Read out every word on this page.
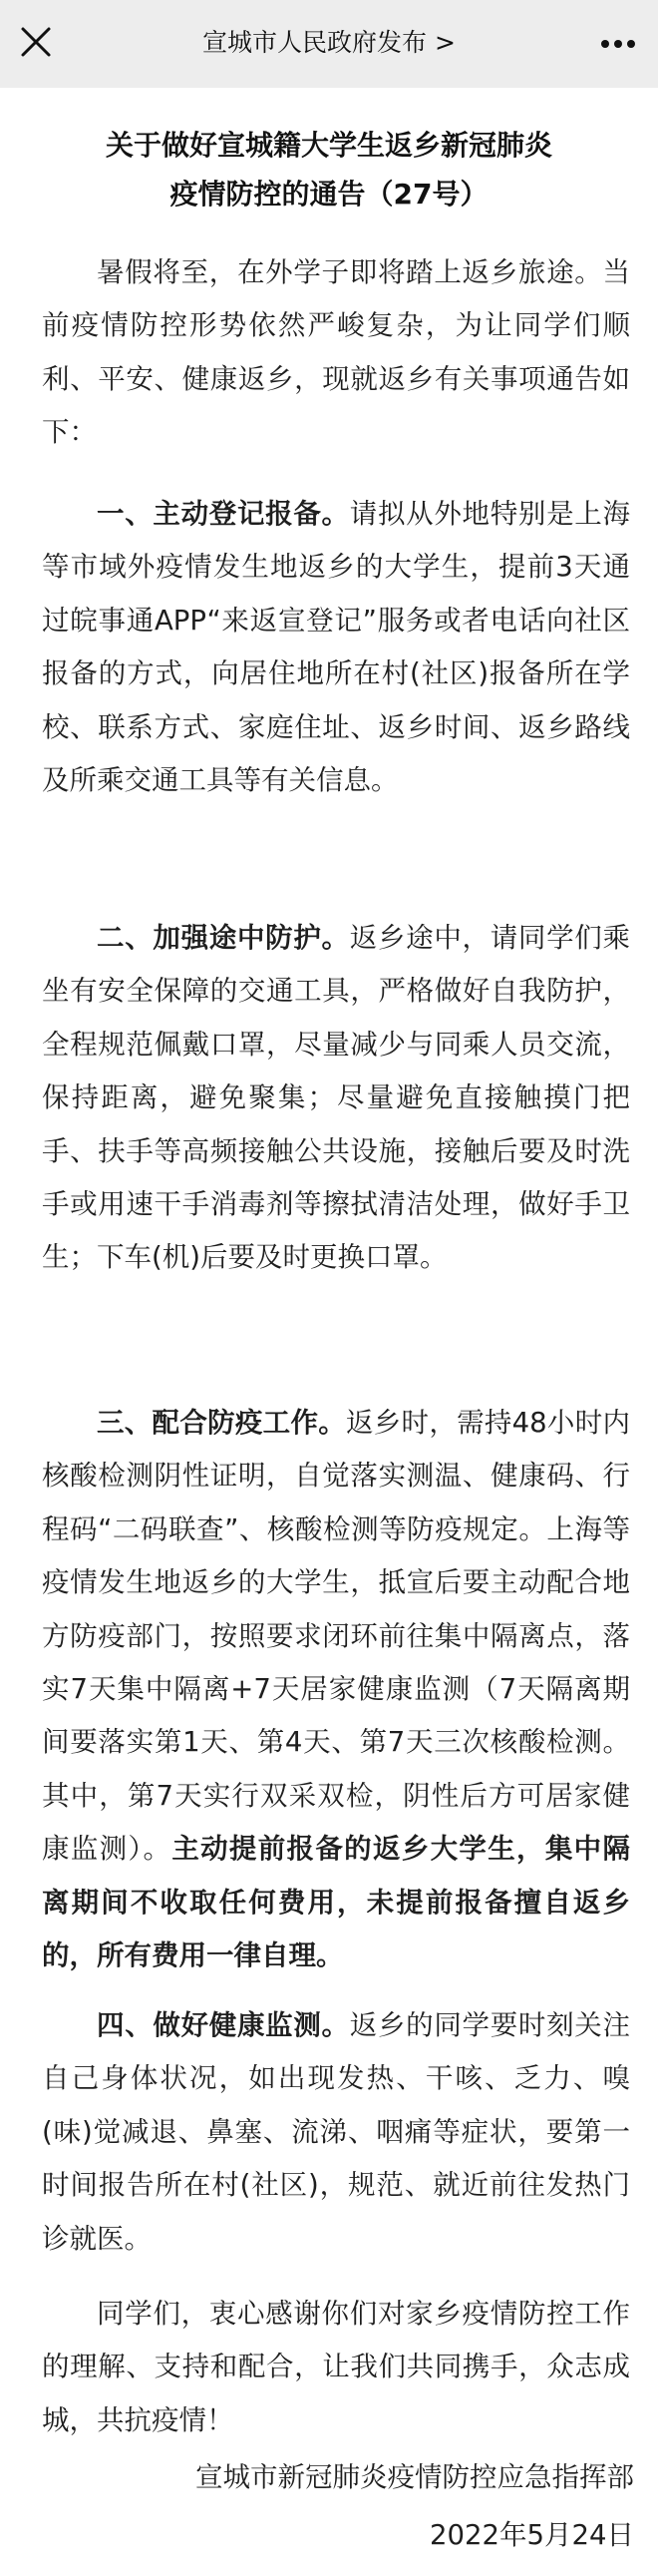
宣城市人民政府发布 >
关于做好宣城籍大学生返乡新冠肺炎
疫情防控的通告（27号）
暑假将至，在外学子即将踏上返乡旅途。当前疫情防控形势依然严峻复杂，为让同学们顺利、平安、健康返乡，现就返乡有关事项通告如下：
一、主动登记报备。请拟从外地特别是上海等市域外疫情发生地返乡的大学生，提前3天通过皖事通APP“来返宣登记”服务或者电话向社区报备的方式，向居住地所在村(社区)报备所在学校、联系方式、家庭住址、返乡时间、返乡路线及所乘交通工具等有关信息。
二、加强途中防护。返乡途中，请同学们乘坐有安全保障的交通工具，严格做好自我防护，全程规范佩戴口罩，尽量减少与同乘人员交流，保持距离，避免聚集；尽量避免直接触摸门把手、扶手等高频接触公共设施，接触后要及时洗手或用速干手消毒剂等擦拭清洁处理，做好手卫生；下车(机)后要及时更换口罩。
三、配合防疫工作。返乡时，需持48小时内核酸检测阴性证明，自觉落实测温、健康码、行程码“二码联查”、核酸检测等防疫规定。上海等疫情发生地返乡的大学生，抵宣后要主动配合地方防疫部门，按照要求闭环前往集中隔离点，落实7天集中隔离+7天居家健康监测（7天隔离期间要落实第1天、第4天、第7天三次核酸检测。其中，第7天实行双采双检，阴性后方可居家健康监测）。主动提前报备的返乡大学生，集中隔离期间不收取任何费用，未提前报备擅自返乡的，所有费用一律自理。
四、做好健康监测。返乡的同学要时刻关注自己身体状况，如出现发热、干咳、乏力、嗅(味)觉减退、鼻塞、流涕、咽痛等症状，要第一时间报告所在村(社区)，规范、就近前往发热门诊就医。
同学们，衷心感谢你们对家乡疫情防控工作的理解、支持和配合，让我们共同携手，众志成城，共抗疫情！
宣城市新冠肺炎疫情防控应急指挥部
2022年5月24日
